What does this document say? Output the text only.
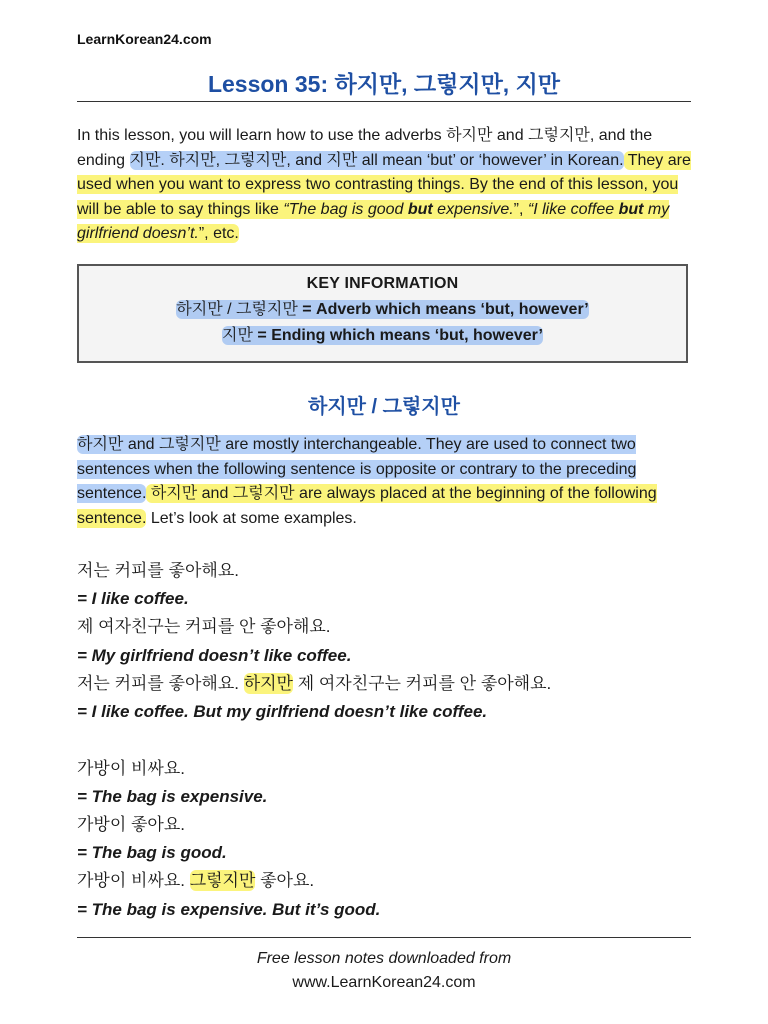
LearnKorean24.com
Lesson 35: 하지만, 그렇지만, 지만
In this lesson, you will learn how to use the adverbs 하지만 and 그렇지만, and the ending 지만. 하지만, 그렇지만, and 지만 all mean ‘but’ or ‘however’ in Korean. They are used when you want to express two contrasting things. By the end of this lesson, you will be able to say things like “The bag is good but expensive.”, “I like coffee but my girlfriend doesn’t.”, etc.
KEY INFORMATION
하지만 / 그렇지만 = Adverb which means ‘but, however’
지만 = Ending which means ‘but, however’
하지만 / 그렇지만
하지만 and 그렇지만 are mostly interchangeable. They are used to connect two sentences when the following sentence is opposite or contrary to the preceding sentence. 하지만 and 그렇지만 are always placed at the beginning of the following sentence. Let’s look at some examples.
저는 커피를 좋아해요.
= I like coffee.
제 여자친구는 커피를 안 좋아해요.
= My girlfriend doesn’t like coffee.
저는 커피를 좋아해요. 하지만 제 여자친구는 커피를 안 좋아해요.
= I like coffee. But my girlfriend doesn’t like coffee.
가방이 비싸요.
= The bag is expensive.
가방이 좋아요.
= The bag is good.
가방이 비싸요. 그렇지만 좋아요.
= The bag is expensive. But it’s good.
Free lesson notes downloaded from
www.LearnKorean24.com
